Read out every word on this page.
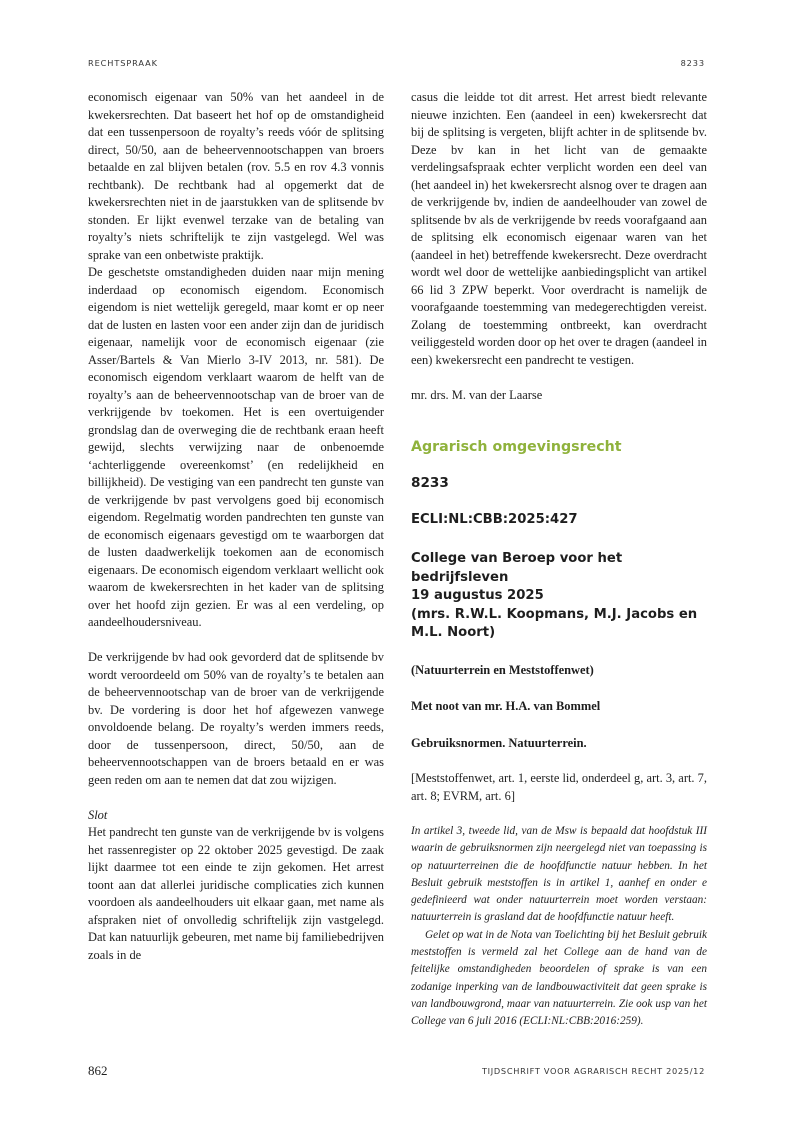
RECHTSPRAAK	8233

economisch eigenaar van 50% van het aandeel in de kwekersrechten. Dat baseert het hof op de omstandigheid dat een tussenpersoon de royalty’s reeds vóór de splitsing direct, 50/50, aan de beheervennootschappen van broers betaalde en zal blijven betalen (rov. 5.5 en rov 4.3 vonnis rechtbank). De rechtbank had al opgemerkt dat de kwekersrechten niet in de jaarstukken van de splitsende bv stonden. Er lijkt evenwel terzake van de betaling van royalty’s niets schriftelijk te zijn vastgelegd. Wel was sprake van een onbetwiste praktijk.

De geschetste omstandigheden duiden naar mijn mening inderdaad op economisch eigendom. Economisch eigendom is niet wettelijk geregeld, maar komt er op neer dat de lusten en lasten voor een ander zijn dan de juridisch eigenaar, namelijk voor de economisch eigenaar (zie Asser/Bartels & Van Mierlo 3-IV 2013, nr. 581). De economisch eigendom verklaart waarom de helft van de royalty’s aan de beheervennootschap van de broer van de verkrijgende bv toekomen. Het is een overtuigender grondslag dan de overweging die de rechtbank eraan heeft gewijd, slechts verwijzing naar de onbenoemde ‘achterliggende overeenkomst’ (en redelijkheid en billijkheid). De vestiging van een pandrecht ten gunste van de verkrijgende bv past vervolgens goed bij economisch eigendom. Regelmatig worden pandrechten ten gunste van de economisch eigenaars gevestigd om te waarborgen dat de lusten daadwerkelijk toekomen aan de economisch eigenaars. De economisch eigendom verklaart wellicht ook waarom de kwekersrechten in het kader van de splitsing over het hoofd zijn gezien. Er was al een verdeling, op aandeelhoudersniveau.

De verkrijgende bv had ook gevorderd dat de splitsende bv wordt veroordeeld om 50% van de royalty’s te betalen aan de beheervennootschap van de broer van de verkrijgende bv. De vordering is door het hof afgewezen vanwege onvoldoende belang. De royalty’s werden immers reeds, door de tussenpersoon, direct, 50/50, aan de beheervennootschappen van de broers betaald en er was geen reden om aan te nemen dat dat zou wijzigen.

Slot

Het pandrecht ten gunste van de verkrijgende bv is volgens het rassenregister op 22 oktober 2025 gevestigd. De zaak lijkt daarmee tot een einde te zijn gekomen. Het arrest toont aan dat allerlei juridische complicaties zich kunnen voordoen als aandeelhouders uit elkaar gaan, met name als afspraken niet of onvolledig schriftelijk zijn vastgelegd. Dat kan natuurlijk gebeuren, met name bij familiebedrijven zoals in de

casus die leidde tot dit arrest. Het arrest biedt relevante nieuwe inzichten. Een (aandeel in een) kwekersrecht dat bij de splitsing is vergeten, blijft achter in de splitsende bv. Deze bv kan in het licht van de gemaakte verdelingsafspraak echter verplicht worden een deel van (het aandeel in) het kwekersrecht alsnog over te dragen aan de verkrijgende bv, indien de aandeelhouder van zowel de splitsende bv als de verkrijgende bv reeds voorafgaand aan de splitsing elk economisch eigenaar waren van het (aandeel in het) betreffende kwekersrecht. Deze overdracht wordt wel door de wettelijke aanbiedingsplicht van artikel 66 lid 3 ZPW beperkt. Voor overdracht is namelijk de voorafgaande toestemming van medegerechtigden vereist. Zolang de toestemming ontbreekt, kan overdracht veiliggesteld worden door op het over te dragen (aandeel in een) kwekersrecht een pandrecht te vestigen.

mr. drs. M. van der Laarse

Agrarisch omgevingsrecht
8233
ECLI:NL:CBB:2025:427
College van Beroep voor het bedrijfsleven
19 augustus 2025
(mrs. R.W.L. Koopmans, M.J. Jacobs en M.L. Noort)
(Natuurterrein en Meststoffenwet)
Met noot van mr. H.A. van Bommel
Gebruiksnormen. Natuurterrein.

[Meststoffenwet, art. 1, eerste lid, onderdeel g, art. 3, art. 7, art. 8; EVRM, art. 6]

In artikel 3, tweede lid, van de Msw is bepaald dat hoofdstuk III waarin de gebruiksnormen zijn neergelegd niet van toepassing is op natuurterreinen die de hoofdfunctie natuur hebben. In het Besluit gebruik meststoffen is in artikel 1, aanhef en onder e gedefinieerd wat onder natuurterrein moet worden verstaan: natuurterrein is grasland dat de hoofdfunctie natuur heeft.

Gelet op wat in de Nota van Toelichting bij het Besluit gebruik meststoffen is vermeld zal het College aan de hand van de feitelijke omstandigheden beoordelen of sprake is van een zodanige inperking van de landbouwactiviteit dat geen sprake is van landbouwgrond, maar van natuurterrein. Zie ook usp van het College van 6 juli 2016 (ECLI:NL:CBB:2016:259).

862	TIJDSCHRIFT VOOR AGRARISCH RECHT 2025/12
